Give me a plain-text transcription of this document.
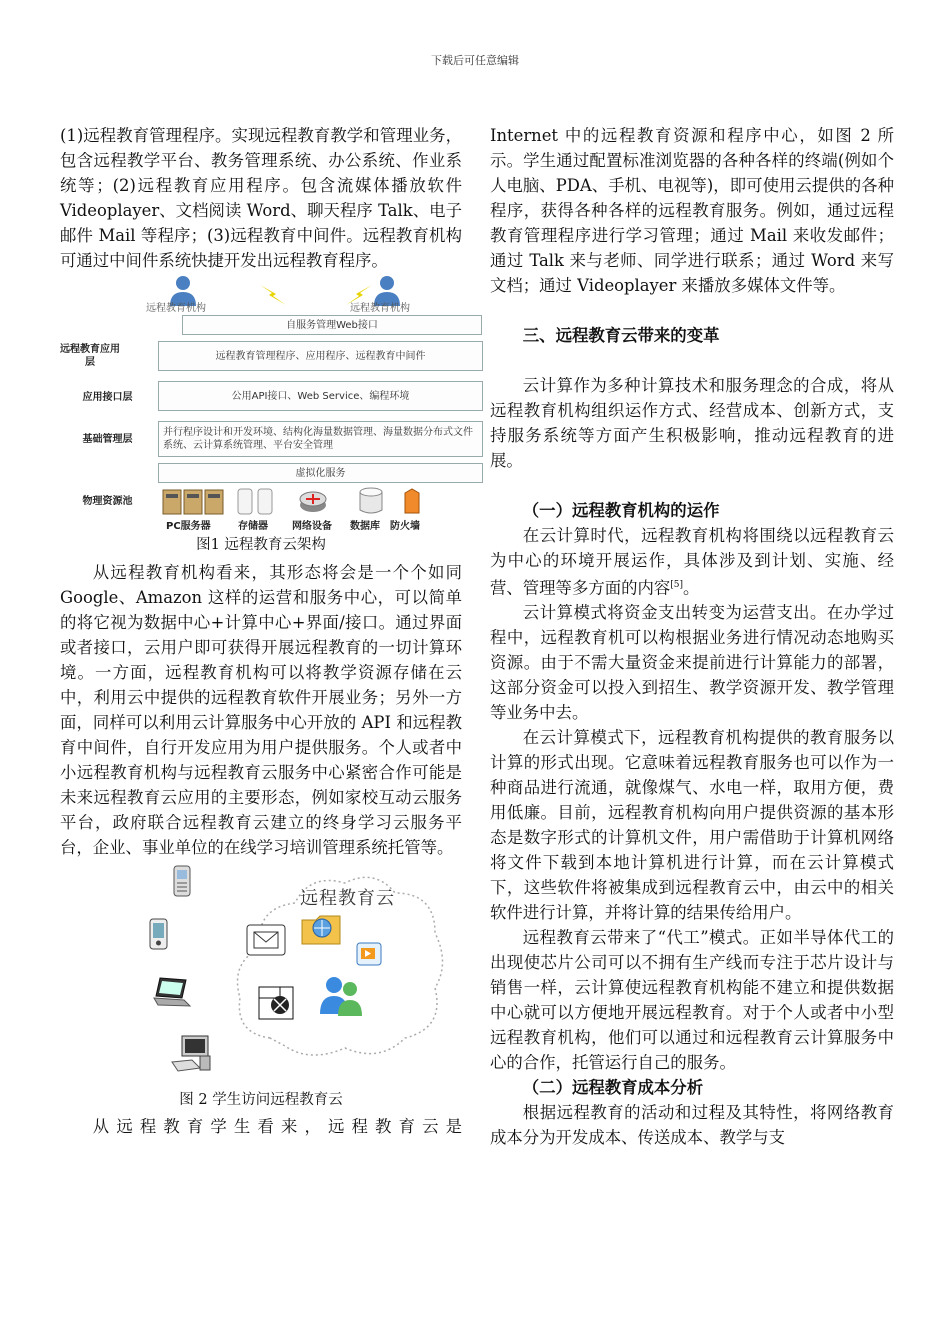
下载后可任意编辑

(1)远程教育管理程序。实现远程教育教学和管理业务，包含远程教学平台、教务管理系统、办公系统、作业系统等；(2)远程教育应用程序。包含流媒体播放软件 Videoplayer、文档阅读 Word、聊天程序 Talk、电子邮件 Mail 等程序；(3)远程教育中间件。远程教育机构可通过中间件系统快捷开发出远程教育程序。

远程教育机构	远程教育机构
自服务管理Web接口
远程教育应用层
远程教育管理程序、应用程序、远程教育中间件
应用接口层	公用API接口、Web Service、编程环境
基础管理层
并行程序设计和开发环境、结构化海量数据管理、海量数据分布式文件系统、云计算系统管理、平台安全管理
虚拟化服务
物理资源池
PC服务器	存储器 网络设备 数据库 防火墙
图1 远程教育云架构

从远程教育机构看来，其形态将会是一个个如同 Google、Amazon 这样的运营和服务中心，可以简单的将它视为数据中心+计算中心+界面/接口。通过界面或者接口，云用户即可获得开展远程教育的一切计算环境。一方面，远程教育机构可以将教学资源存储在云中，利用云中提供的远程教育软件开展业务；另外一方面，同样可以利用云计算服务中心开放的 API 和远程教育中间件，自行开发应用为用户提供服务。个人或者中小远程教育机构与远程教育云服务中心紧密合作可能是未来远程教育云应用的主要形态，例如家校互动云服务平台，政府联合远程教育云建立的终身学习云服务平台，企业、事业单位的在线学习培训管理系统托管等。

远程教育云
图 2 学生访问远程教育云

从远程教育学生看来，远程教育云是

Internet 中的远程教育资源和程序中心，如图 2 所示。学生通过配置标准浏览器的各种各样的终端(例如个人电脑、PDA、手机、电视等)，即可使用云提供的各种程序，获得各种各样的远程教育服务。例如，通过远程教育管理程序进行学习管理；通过 Mail 来收发邮件；通过 Talk 来与老师、同学进行联系；通过 Word 来写文档；通过 Videoplayer 来播放多媒体文件等。

三、远程教育云带来的变革

云计算作为多种计算技术和服务理念的合成，将从远程教育机构组织运作方式、经营成本、创新方式，支持服务系统等方面产生积极影响，推动远程教育的进展。

（一）远程教育机构的运作

在云计算时代，远程教育机构将围绕以远程教育云为中心的环境开展运作，具体涉及到计划、实施、经营、管理等多方面的内容[5]。

云计算模式将资金支出转变为运营支出。在办学过程中，远程教育机可以构根据业务进行情况动态地购买资源。由于不需大量资金来提前进行计算能力的部署，这部分资金可以投入到招生、教学资源开发、教学管理等业务中去。

在云计算模式下，远程教育机构提供的教育服务以计算的形式出现。它意味着远程教育服务也可以作为一种商品进行流通，就像煤气、水电一样，取用方便，费用低廉。目前，远程教育机构向用户提供资源的基本形态是数字形式的计算机文件，用户需借助于计算机网络将文件下载到本地计算机进行计算，而在云计算模式下，这些软件将被集成到远程教育云中，由云中的相关软件进行计算，并将计算的结果传给用户。

远程教育云带来了“代工”模式。正如半导体代工的出现使芯片公司可以不拥有生产线而专注于芯片设计与销售一样，云计算使远程教育机构能不建立和提供数据中心就可以方便地开展远程教育。对于个人或者中小型远程教育机构，他们可以通过和远程教育云计算服务中心的合作，托管运行自己的服务。

（二）远程教育成本分析

根据远程教育的活动和过程及其特性，将网络教育成本分为开发成本、传送成本、教学与支
